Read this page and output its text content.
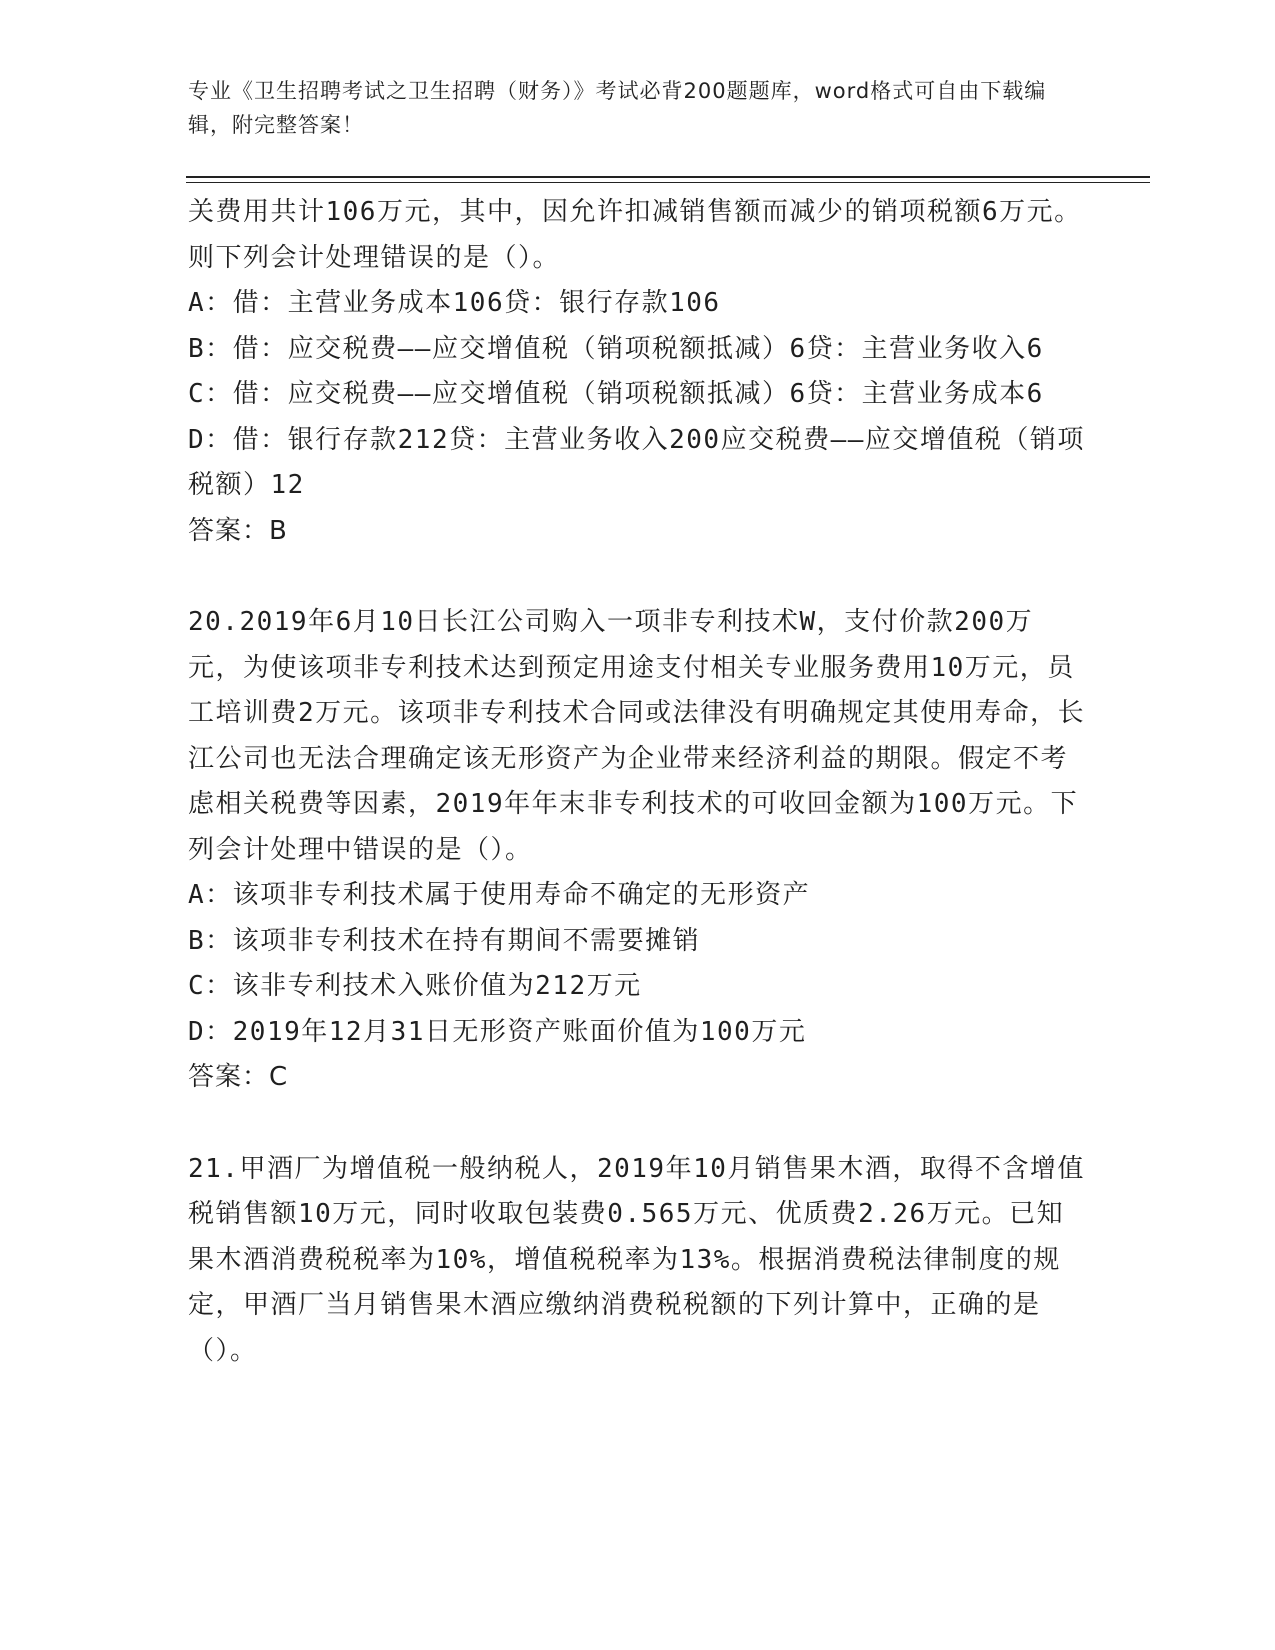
专业《卫生招聘考试之卫生招聘（财务）》考试必背200题题库，word格式可自由下载编辑，附完整答案！

关费用共计106万元，其中，因允许扣减销售额而减少的销项税额6万元。则下列会计处理错误的是（）。

A：借：主营业务成本106贷：银行存款106

B：借：应交税费——应交增值税（销项税额抵减）6贷：主营业务收入6

C：借：应交税费——应交增值税（销项税额抵减）6贷：主营业务成本6

D：借：银行存款212贷：主营业务收入200应交税费——应交增值税（销项税额）12

答案：B

20.2019年6月10日长江公司购入一项非专利技术W，支付价款200万元，为使该项非专利技术达到预定用途支付相关专业服务费用10万元，员工培训费2万元。该项非专利技术合同或法律没有明确规定其使用寿命，长江公司也无法合理确定该无形资产为企业带来经济利益的期限。假定不考虑相关税费等因素，2019年年末非专利技术的可收回金额为100万元。下列会计处理中错误的是（）。

A：该项非专利技术属于使用寿命不确定的无形资产

B：该项非专利技术在持有期间不需要摊销

C：该非专利技术入账价值为212万元

D：2019年12月31日无形资产账面价值为100万元

答案：C

21.甲酒厂为增值税一般纳税人，2019年10月销售果木酒，取得不含增值税销售额10万元，同时收取包装费0.565万元、优质费2.26万元。已知果木酒消费税税率为10%，增值税税率为13%。根据消费税法律制度的规定，甲酒厂当月销售果木酒应缴纳消费税税额的下列计算中，正确的是（）。
